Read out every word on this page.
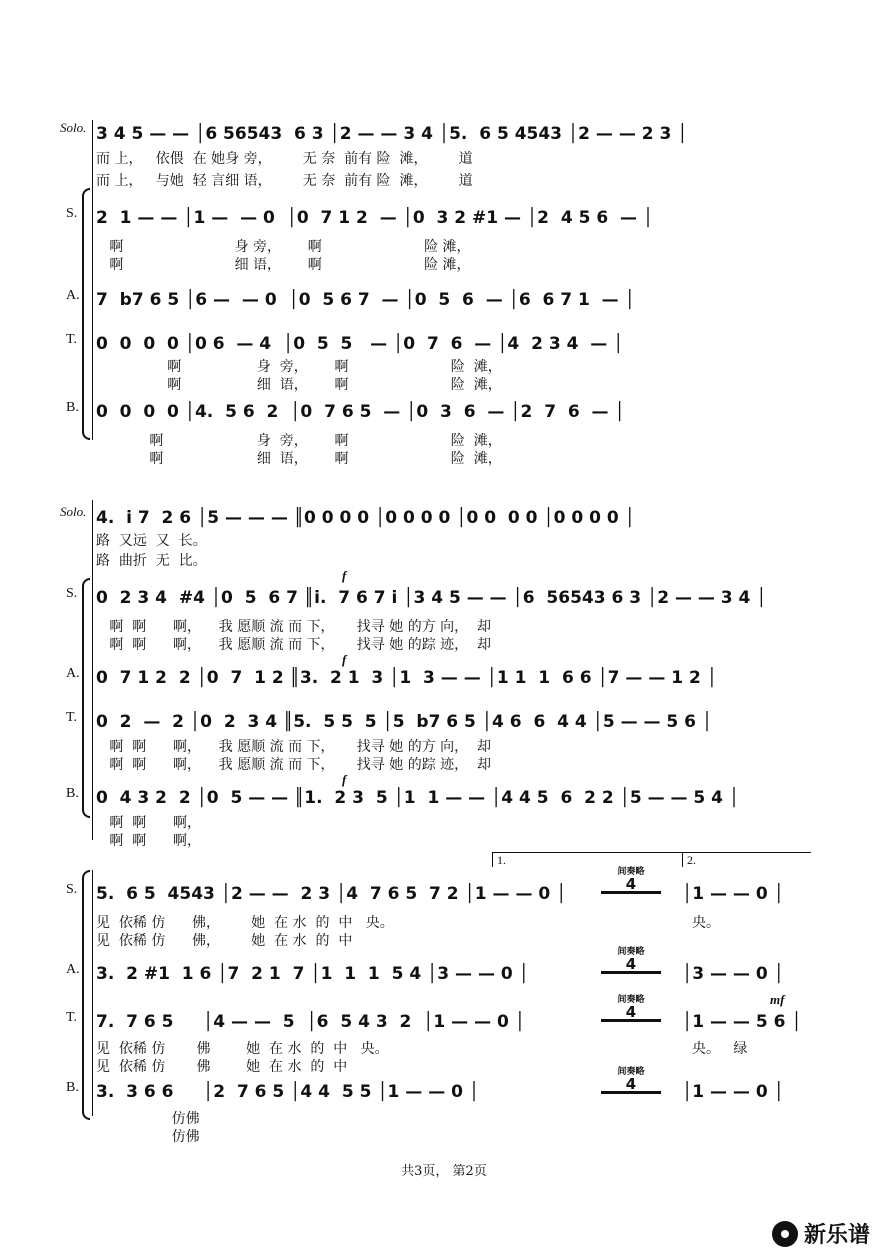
Solo. 3 4 5 — — │6 56543  6 3 │2 — — 3 4 │5.  6 5 4543 │2 — — 2 3 │
而 上，   依偎  在 她身 旁，       无 奈  前有 险  滩，       道
而 上，   与她  轻 言细 语，       无 奈  前有 险  滩，       道
S. 2  1 — — │1 —  — 0  │0  7 1 2  — │0  3 2 #1 — │2  4 5 6  — │
啊                         身 旁，      啊                       险 滩，
啊                         细 语，      啊                       险 滩，
A. 7  b7 6 5 │6 —  — 0  │0  5 6 7  — │0  5  6  — │6  6 7 1  — │
T. 0  0  0  0 │0 6  — 4  │0  5  5   — │0  7  6  — │4  2 3 4  — │
啊                 身  旁，      啊                       险  滩，
啊                 细  语，      啊                       险  滩，
B. 0  0  0  0 │4.  5 6  2  │0  7 6 5  — │0  3  6  — │2  7  6  — │
啊                     身  旁，      啊                       险  滩，
啊                     细  语，      啊                       险  滩，
Solo. 4.  i 7  2 6 │5 — — — ║0 0 0 0 │0 0 0 0 │0 0  0 0 │0 0 0 0 │
路  又远  又  长。
路  曲折  无  比。
f
S. 0  2 3 4  #4 │0  5  6 7 ║i.  7 6 7 i │3 4 5 — — │6  56543 6 3 │2 — — 3 4 │
啊  啊      啊，    我 愿顺 流 而 下，     找寻 她 的方 向，  却
啊  啊      啊，    我 愿顺 流 而 下，     找寻 她 的踪 迹，  却
f
A. 0  7 1 2  2 │0  7  1 2 ║3.  2 1  3 │1  3 — — │1 1  1  6 6 │7 — — 1 2 │
T. 0  2  —  2 │0  2  3 4 ║5.  5 5  5 │5  b7 6 5 │4 6  6  4 4 │5 — — 5 6 │
啊  啊      啊，    我 愿顺 流 而 下，     找寻 她 的方 向，  却
啊  啊      啊，    我 愿顺 流 而 下，     找寻 她 的踪 迹，  却
f
B. 0  4 3 2  2 │0  5 — — ║1.  2 3  5 │1  1 — — │4 4 5  6  2 2 │5 — — 5 4 │
啊  啊      啊，
啊  啊      啊，
1.	2.
S. 5.  6 5  4543 │2 — —  2 3 │4  7 6 5  7 2 │1 — — 0 │	│1 — — 0 │
间奏略
4
见  依稀 仿      佛，       她  在 水  的  中   央。	央。
见  依稀 仿      佛，       她  在 水  的  中
A. 3.  2 #1  1 6 │7  2 1  7 │1  1  1  5 4 │3 — — 0 │	│3 — — 0 │
间奏略
4
mf
T. 7.  7 6 5     │4 — —  5  │6  5 4 3  2  │1 — — 0 │	│1 — — 5 6 │
间奏略
4
见  依稀 仿       佛        她  在 水  的  中   央。	央。   绿
见  依稀 仿       佛        她  在 水  的  中
B. 3.  3 6 6     │2  7 6 5 │4 4  5 5 │1 — — 0 │	│1 — — 0 │
间奏略
4
仿佛
仿佛
共3页， 第2页
新乐谱
